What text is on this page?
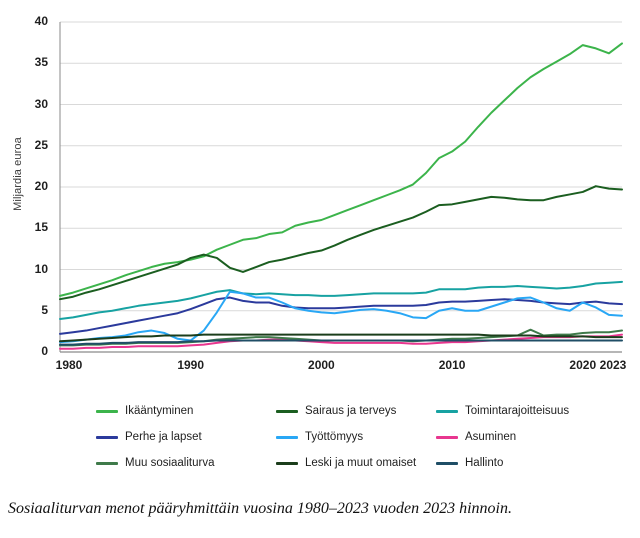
Miljardia euroa
0
5
10
15
20
25
30
35
40
1980	1990	2000	2010	2020 2023
Ikääntyminen	Sairaus ja terveys	Toimintarajoitteisuus
Perhe ja lapset	Työttömyys	Asuminen
Muu sosiaaliturva	Leski ja muut omaiset	Hallinto
Sosiaaliturvan menot pääryhmittäin vuosina 1980–2023 vuoden 2023 hinnoin.
